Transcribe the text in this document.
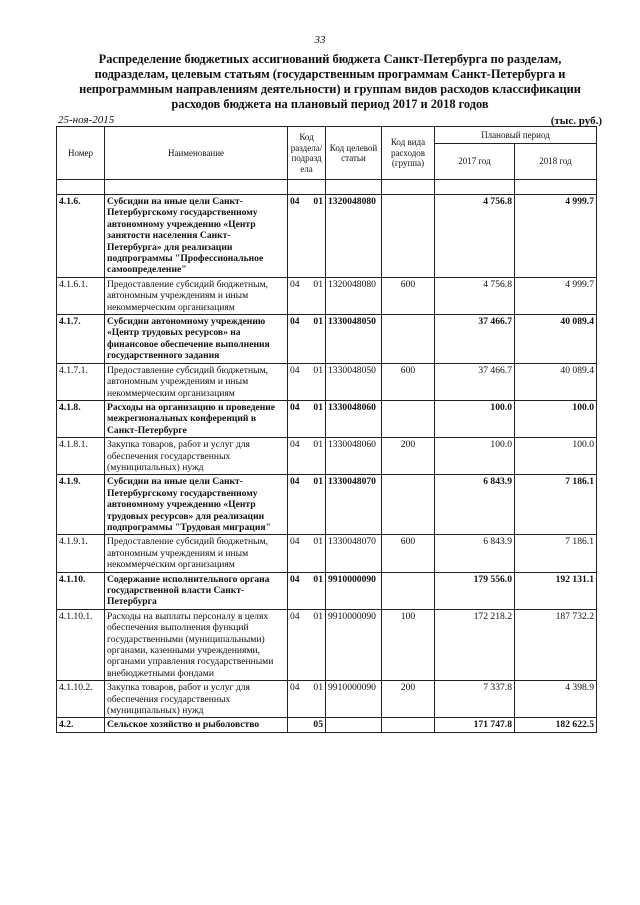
33
Распределение бюджетных ассигнований бюджета Санкт-Петербурга по разделам, подразделам, целевым статьям (государственным программам Санкт-Петербурга и непрограммным направлениям деятельности) и группам видов расходов классификации расходов бюджета на плановый период 2017 и 2018 годов
25-ноя-2015	(тыс. руб.)
Номер	Наименование	Код раздела/ подразд ела	Код целевой статьи	Код вида расходов (группа)	Плановый период	
					2017 год	2018 год

4.1.6.	Субсидии на иные цели Санкт-Петербургскому государственному автономному учреждению «Центр занятости населения Санкт-Петербурга» для реализации подпрограммы "Профессиональное самоопределение"	04 01	1320048080		4 756.8	4 999.7
4.1.6.1.	Предоставление субсидий бюджетным, автономным учреждениям и иным некоммерческим организациям	04 01	1320048080	600	4 756.8	4 999.7
4.1.7.	Субсидии автономному учреждению «Центр трудовых ресурсов» на финансовое обеспечение выполнения государственного задания	04 01	1330048050		37 466.7	40 089.4
4.1.7.1.	Предоставление субсидий бюджетным, автономным учреждениям и иным некоммерческим организациям	04 01	1330048050	600	37 466.7	40 089.4
4.1.8.	Расходы на организацию и проведение межрегиональных конференций в Санкт-Петербурге	04 01	1330048060		100.0	100.0
4.1.8.1.	Закупка товаров, работ и услуг для обеспечения государственных (муниципальных) нужд	04 01	1330048060	200	100.0	100.0
4.1.9.	Субсидии на иные цели Санкт-Петербургскому государственному автономному учреждению «Центр трудовых ресурсов» для реализации подпрограммы "Трудовая миграция"	04 01	1330048070		6 843.9	7 186.1
4.1.9.1.	Предоставление субсидий бюджетным, автономным учреждениям и иным некоммерческим организациям	04 01	1330048070	600	6 843.9	7 186.1
4.1.10.	Содержание исполнительного органа государственной власти Санкт-Петербурга	04 01	9910000090		179 556.0	192 131.1
4.1.10.1.	Расходы на выплаты персоналу в целях обеспечения выполнения функций государственными (муниципальными) органами, казенными учреждениями, органами управления государственными внебюджетными фондами	04 01	9910000090	100	172 218.2	187 732.2
4.1.10.2.	Закупка товаров, работ и услуг для обеспечения государственных (муниципальных) нужд	04 01	9910000090	200	7 337.8	4 398.9
4.2.	Сельское хозяйство и рыболовство	05			171 747.8	182 622.5
